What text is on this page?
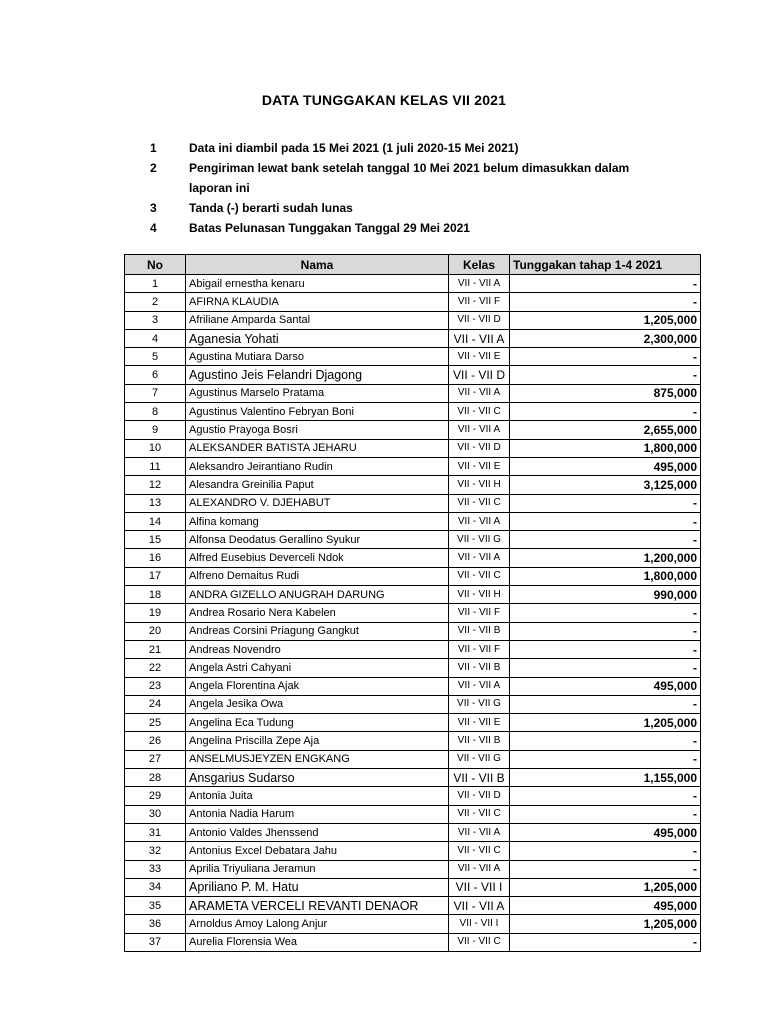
DATA TUNGGAKAN KELAS VII 2021
1	Data ini diambil pada 15 Mei 2021 (1 juli 2020-15 Mei 2021)
2	Pengiriman lewat bank setelah tanggal 10 Mei 2021 belum dimasukkan dalam laporan ini
3	Tanda (-) berarti sudah lunas
4	Batas Pelunasan Tunggakan Tanggal 29 Mei 2021
No	Nama	Kelas	Tunggakan tahap 1-4 2021
1	Abigail ernestha kenaru	VII - VII A	-
2	AFIRNA KLAUDIA	VII - VII F	-
3	Afriliane Amparda Santal	VII - VII D	1,205,000
4	Aganesia Yohati	VII - VII A	2,300,000
5	Agustina Mutiara Darso	VII - VII E	-
6	Agustino Jeis Felandri Djagong	VII - VII D	-
7	Agustinus Marselo Pratama	VII - VII A	875,000
8	Agustinus Valentino Febryan Boni	VII - VII C	-
9	Agustio Prayoga Bosri	VII - VII A	2,655,000
10	ALEKSANDER BATISTA JEHARU	VII - VII D	1,800,000
11	Aleksandro Jeirantiano Rudin	VII - VII E	495,000
12	Alesandra Greinilia Paput	VII - VII H	3,125,000
13	ALEXANDRO V. DJEHABUT	VII - VII C	-
14	Alfina komang	VII - VII A	-
15	Alfonsa Deodatus Gerallino Syukur	VII - VII G	-
16	Alfred Eusebius Deverceli Ndok	VII - VII A	1,200,000
17	Alfreno Demaitus Rudi	VII - VII C	1,800,000
18	ANDRA GIZELLO ANUGRAH DARUNG	VII - VII H	990,000
19	Andrea Rosario Nera Kabelen	VII - VII F	-
20	Andreas Corsini Priagung Gangkut	VII - VII B	-
21	Andreas Novendro	VII - VII F	-
22	Angela Astri Cahyani	VII - VII B	-
23	Angela Florentina Ajak	VII - VII A	495,000
24	Angela Jesika Owa	VII - VII G	-
25	Angelina Eca Tudung	VII - VII E	1,205,000
26	Angelina Priscilla Zepe Aja	VII - VII B	-
27	ANSELMUSJEYZEN ENGKANG	VII - VII G	-
28	Ansgarius Sudarso	VII - VII B	1,155,000
29	Antonia Juita	VII - VII D	-
30	Antonia Nadia Harum	VII - VII C	-
31	Antonio Valdes Jhenssend	VII - VII A	495,000
32	Antonius Excel Debatara Jahu	VII - VII C	-
33	Aprilia Triyuliana Jeramun	VII - VII A	-
34	Apriliano P. M. Hatu	VII - VII I	1,205,000
35	ARAMETA VERCELI REVANTI DENAOR	VII - VII A	495,000
36	Arnoldus Amoy Lalong Anjur	VII - VII I	1,205,000
37	Aurelia Florensia Wea	VII - VII C	-
